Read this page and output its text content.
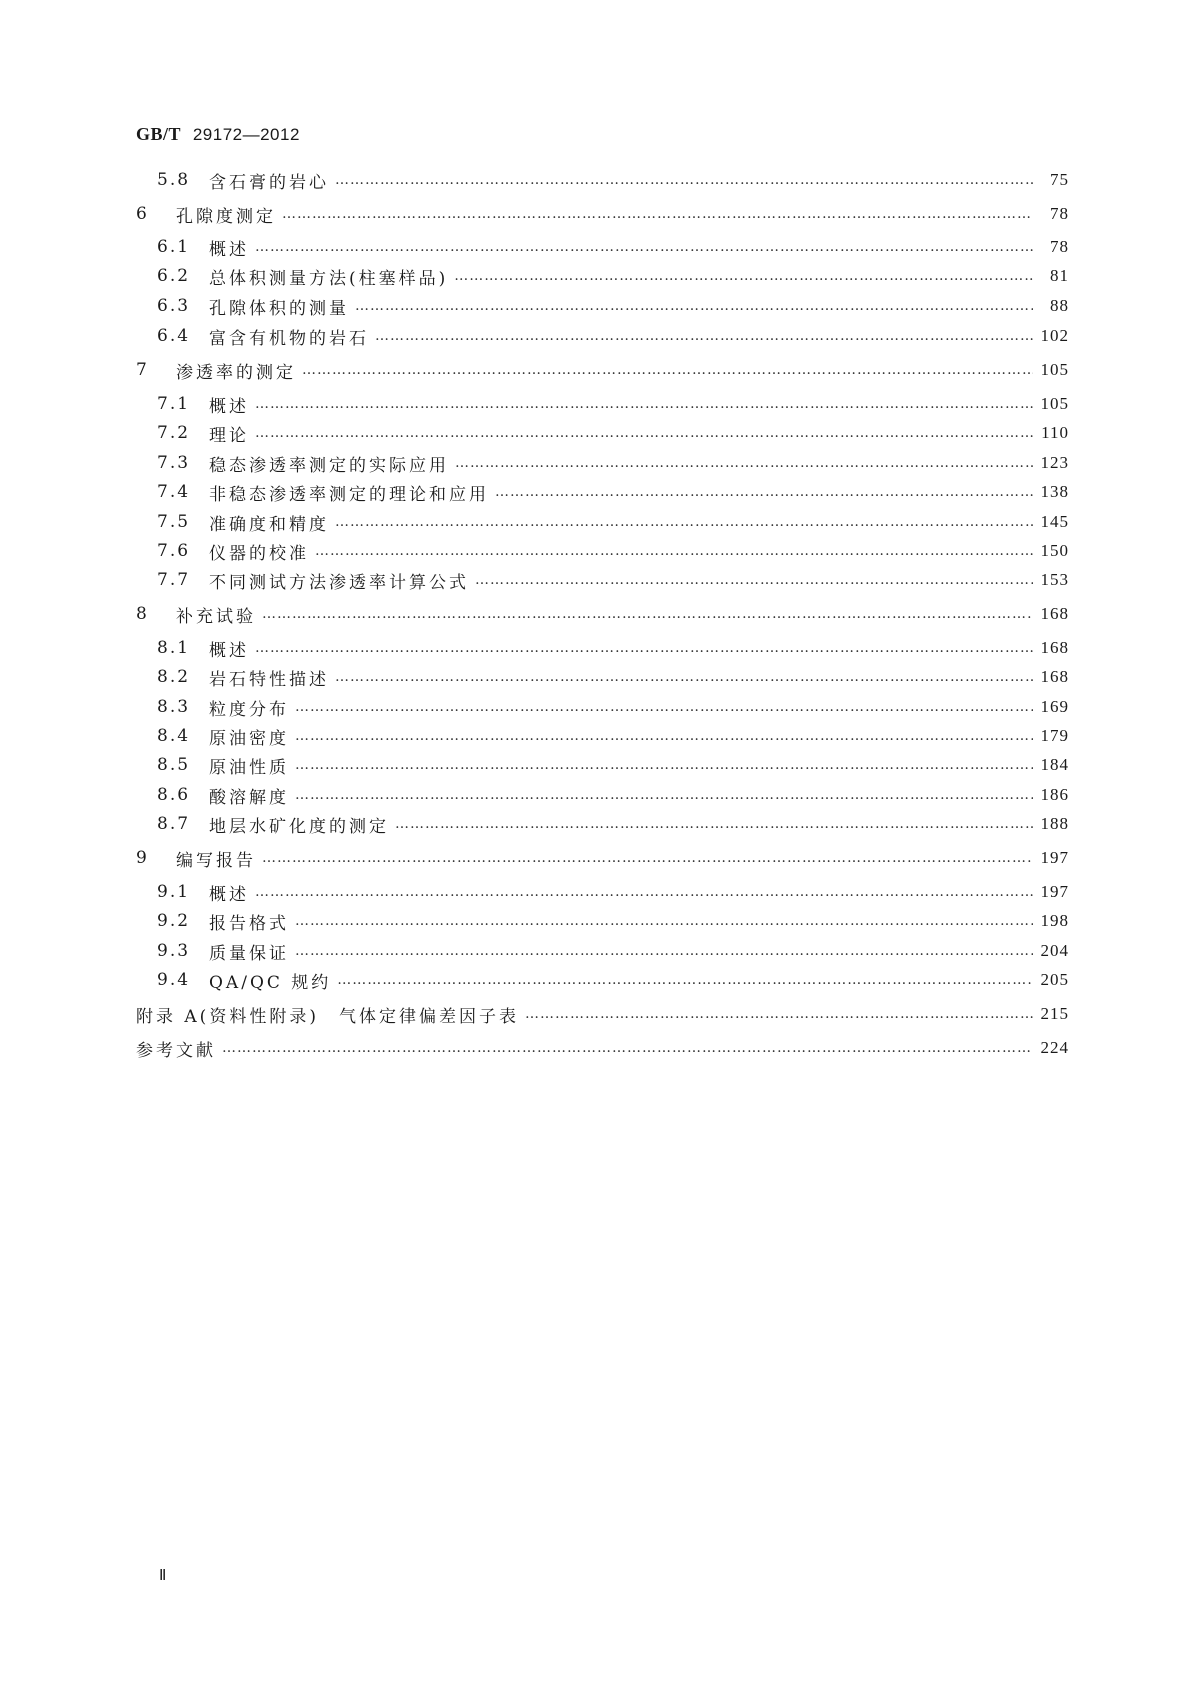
GB/T 29172—2012
5.8 含石膏的岩心 …………………………………………………………………………………………………………………………………………………………………………………………………	75
6	孔隙度测定 …………………………………………………………………………………………………………………………………………………………………………………………………	78
6.1 概述 …………………………………………………………………………………………………………………………………………………………………………………………………	78
6.2 总体积测量方法(柱塞样品) …………………………………………………………………………………………………………………………………………………………………………………………………	81
6.3 孔隙体积的测量 …………………………………………………………………………………………………………………………………………………………………………………………………	88
6.4 富含有机物的岩石 …………………………………………………………………………………………………………………………………………………………………………………………………	102
7	渗透率的测定 …………………………………………………………………………………………………………………………………………………………………………………………………	105
7.1 概述 …………………………………………………………………………………………………………………………………………………………………………………………………	105
7.2 理论 …………………………………………………………………………………………………………………………………………………………………………………………………	110
7.3 稳态渗透率测定的实际应用 …………………………………………………………………………………………………………………………………………………………………………………………………	123
7.4 非稳态渗透率测定的理论和应用 …………………………………………………………………………………………………………………………………………………………………………………………………	138
7.5 准确度和精度 …………………………………………………………………………………………………………………………………………………………………………………………………	145
7.6 仪器的校准 …………………………………………………………………………………………………………………………………………………………………………………………………	150
7.7 不同测试方法渗透率计算公式 …………………………………………………………………………………………………………………………………………………………………………………………………	153
8	补充试验 …………………………………………………………………………………………………………………………………………………………………………………………………	168
8.1 概述 …………………………………………………………………………………………………………………………………………………………………………………………………	168
8.2 岩石特性描述 …………………………………………………………………………………………………………………………………………………………………………………………………	168
8.3 粒度分布 …………………………………………………………………………………………………………………………………………………………………………………………………	169
8.4 原油密度 …………………………………………………………………………………………………………………………………………………………………………………………………	179
8.5 原油性质 …………………………………………………………………………………………………………………………………………………………………………………………………	184
8.6 酸溶解度 …………………………………………………………………………………………………………………………………………………………………………………………………	186
8.7 地层水矿化度的测定 …………………………………………………………………………………………………………………………………………………………………………………………………	188
9	编写报告 …………………………………………………………………………………………………………………………………………………………………………………………………	197
9.1 概述 …………………………………………………………………………………………………………………………………………………………………………………………………	197
9.2 报告格式 …………………………………………………………………………………………………………………………………………………………………………………………………	198
9.3 质量保证 …………………………………………………………………………………………………………………………………………………………………………………………………	204
9.4 QA/QC 规约 …………………………………………………………………………………………………………………………………………………………………………………………………	205
附录 A(资料性附录)　气体定律偏差因子表 …………………………………………………………………………………………………………………………………………………………………………………………………	215
参考文献 …………………………………………………………………………………………………………………………………………………………………………………………………	224
Ⅱ
